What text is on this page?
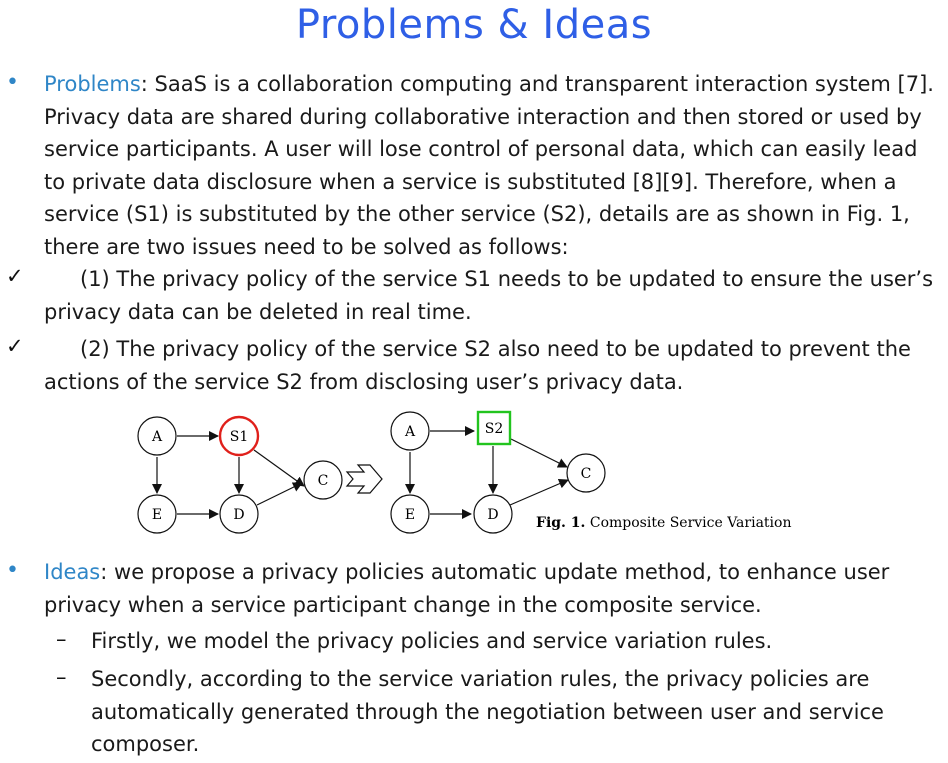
Problems & Ideas
• Problems: SaaS is a collaboration computing and transparent interaction system [7]. Privacy data are shared during collaborative interaction and then stored or used by service participants. A user will lose control of personal data, which can easily lead to private data disclosure when a service is substituted [8][9]. Therefore, when a service (S1) is substituted by the other service (S2), details are as shown in Fig. 1, there are two issues need to be solved as follows:
✓	(1) The privacy policy of the service S1 needs to be updated to ensure the user’s privacy data can be deleted in real time.
✓	(2) The privacy policy of the service S2 also need to be updated to prevent the actions of the service S2 from disclosing user’s privacy data.
A	S1
E	D
C
A	S2
E	D
C
Fig. 1. Composite Service Variation
• Ideas: we propose a privacy policies automatic update method, to enhance user privacy when a service participant change in the composite service.
– Firstly, we model the privacy policies and service variation rules.
– Secondly, according to the service variation rules, the privacy policies are automatically generated through the negotiation between user and service composer.
